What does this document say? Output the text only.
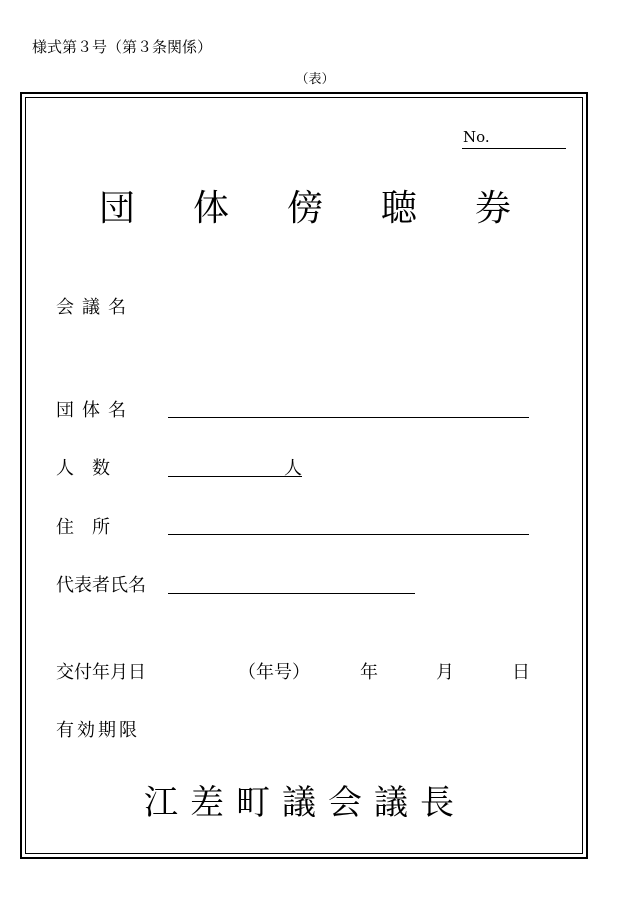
様式第３号（第３条関係）
（表）
No.
団 体 傍 聴 券
会議名
団体名
人　数	人
住　所
代表者氏名
交付年月日	（年号）	年	月	日
有効期限
江差町議会議長
